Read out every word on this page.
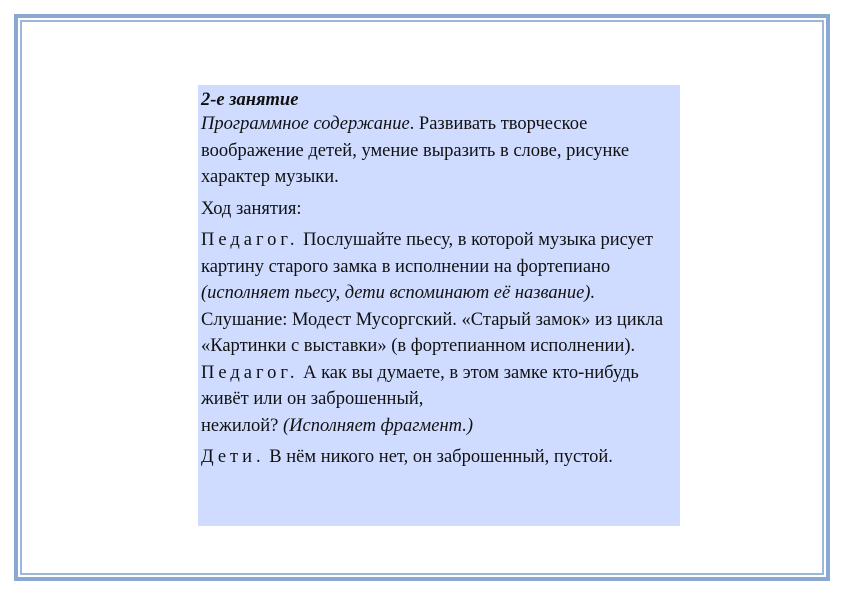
2-е занятие

Программное содержание. Развивать творческое воображение детей, умение выразить в слове, рисунке характер музыки.

Ход занятия:

Педагог. Послушайте пьесу, в которой музыка рисует картину старого замка в исполнении на фортепиано (исполняет пьесу, дети вспоминают её название).

Слушание: Модест Мусоргский. «Старый замок» из цикла «Картинки с выставки» (в фортепианном исполнении).

Педагог. А как вы думаете, в этом замке кто-нибудь живёт или он заброшенный,
нежилой? (Исполняет фрагмент.)

Дети. В нём никого нет, он заброшенный, пустой.
